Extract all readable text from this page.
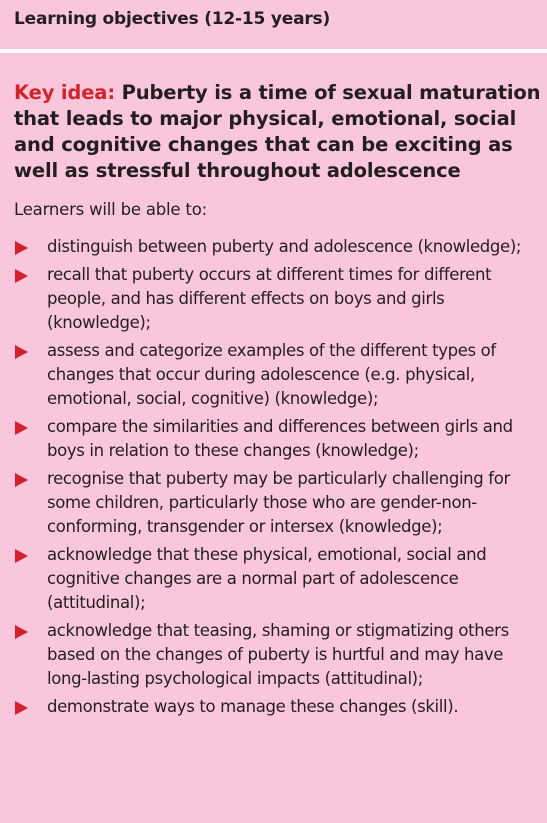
Learning objectives (12-15 years)

Key idea: Puberty is a time of sexual maturation that leads to major physical, emotional, social and cognitive changes that can be exciting as well as stressful throughout adolescence

Learners will be able to:
distinguish between puberty and adolescence (knowledge);
recall that puberty occurs at different times for different people, and has different effects on boys and girls (knowledge);
assess and categorize examples of the different types of changes that occur during adolescence (e.g. physical, emotional, social, cognitive) (knowledge);
compare the similarities and differences between girls and boys in relation to these changes (knowledge);
recognise that puberty may be particularly challenging for some children, particularly those who are gender-non-conforming, transgender or intersex (knowledge);
acknowledge that these physical, emotional, social and cognitive changes are a normal part of adolescence (attitudinal);
acknowledge that teasing, shaming or stigmatizing others based on the changes of puberty is hurtful and may have long-lasting psychological impacts (attitudinal);
demonstrate ways to manage these changes (skill).
